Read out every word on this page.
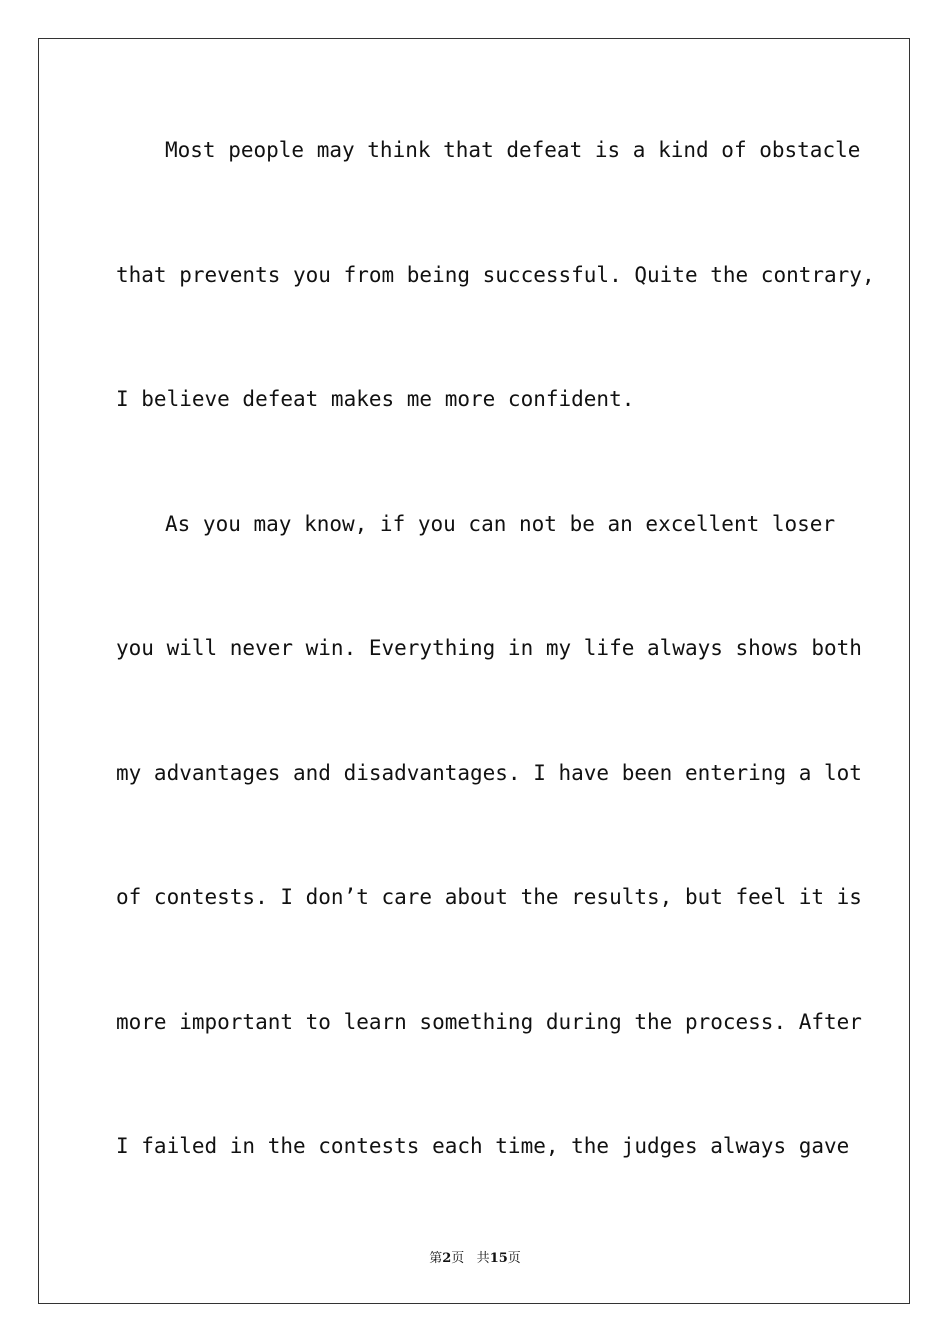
Most people may think that defeat is a kind of obstacle
that prevents you from being successful. Quite the contrary,
I believe defeat makes me more confident.
As you may know, if you can not be an excellent loser
you will never win. Everything in my life always shows both
my advantages and disadvantages. I have been entering a lot
of contests. I don’t care about the results, but feel it is
more important to learn something during the process. After
I failed in the contests each time, the judges always gave
第2页 共15页
